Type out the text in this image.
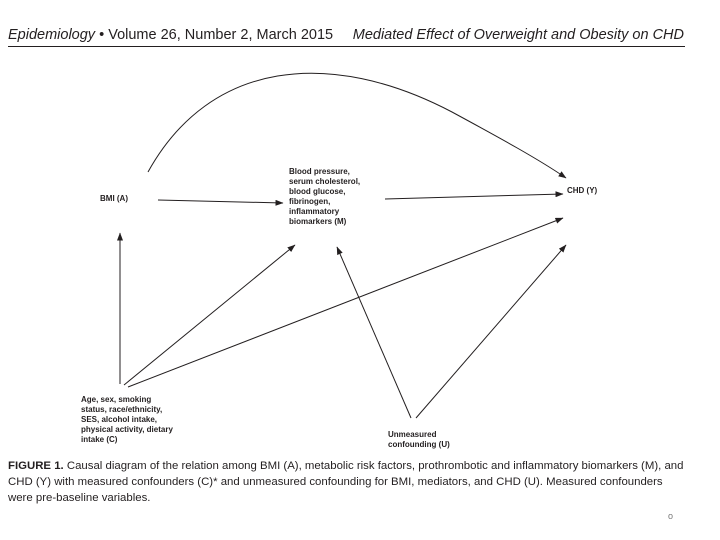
Epidemiology • Volume 26, Number 2, March 2015 Mediated Effect of Overweight and Obesity on CHD
BMI (A)
Blood pressure,
serum cholesterol,
blood glucose,
fibrinogen,
inflammatory
biomarkers (M)
CHD (Y)
Age, sex, smoking
status, race/ethnicity,
SES, alcohol intake,
physical activity, dietary
intake (C)
Unmeasured
confounding (U)
FIGURE 1. Causal diagram of the relation among BMI (A), metabolic risk factors, prothrombotic and inflammatory biomarkers (M), and CHD (Y) with measured confounders (C)* and unmeasured confounding for BMI, mediators, and CHD (U). Measured confounders were pre-baseline variables.
o
